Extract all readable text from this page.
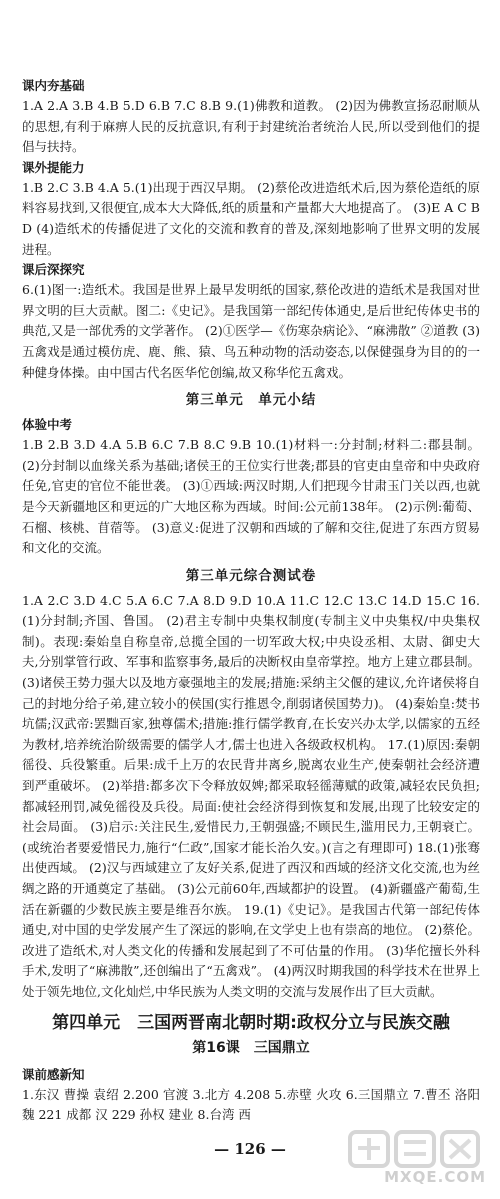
课内夯基础

1.A 2.A 3.B 4.B 5.D 6.B 7.C 8.B 9.(1)佛教和道教。 (2)因为佛教宣扬忍耐顺从的思想,有利于麻痹人民的反抗意识,有利于封建统治者统治人民,所以受到他们的提倡与扶持。

课外提能力

1.B 2.C 3.B 4.A 5.(1)出现于西汉早期。 (2)蔡伦改进造纸术后,因为蔡伦造纸的原料容易找到,又很便宜,成本大大降低,纸的质量和产量都大大地提高了。 (3)E A C B D (4)造纸术的传播促进了文化的交流和教育的普及,深刻地影响了世界文明的发展进程。

课后深探究

6.(1)图一:造纸术。我国是世界上最早发明纸的国家,蔡伦改进的造纸术是我国对世界文明的巨大贡献。图二:《史记》。是我国第一部纪传体通史,是后世纪传体史书的典范,又是一部优秀的文学著作。 (2)①医学—《伤寒杂病论》、“麻沸散” ②道教 (3)五禽戏是通过模仿虎、鹿、熊、猿、鸟五种动物的活动姿态,以保健强身为目的的一种健身体操。由中国古代名医华佗创编,故又称华佗五禽戏。

第三单元　单元小结

体验中考

1.B 2.B 3.D 4.A 5.B 6.C 7.B 8.C 9.B 10.(1)材料一:分封制;材料二:郡县制。 (2)分封制以血缘关系为基础;诸侯王的王位实行世袭;郡县的官吏由皇帝和中央政府任免,官吏的官位不能世袭。 (3)①西域:两汉时期,人们把现今甘肃玉门关以西,也就是今天新疆地区和更远的广大地区称为西域。时间:公元前138年。 (2)示例:葡萄、石榴、核桃、苜蓿等。 (3)意义:促进了汉朝和西域的了解和交往,促进了东西方贸易和文化的交流。

第三单元综合测试卷

1.A 2.C 3.D 4.C 5.A 6.C 7.A 8.D 9.D 10.A 11.C 12.C 13.C 14.D 15.C 16.(1)分封制;齐国、鲁国。 (2)君主专制中央集权制度(专制主义中央集权/中央集权制)。表现:秦始皇自称皇帝,总揽全国的一切军政大权;中央设丞相、太尉、御史大夫,分别掌管行政、军事和监察事务,最后的决断权由皇帝掌控。地方上建立郡县制。 (3)诸侯王势力强大以及地方豪强地主的发展;措施:采纳主父偃的建议,允许诸侯将自己的封地分给子弟,建立较小的侯国(实行推恩令,削弱诸侯国势力)。 (4)秦始皇:焚书坑儒;汉武帝:罢黜百家,独尊儒术;措施:推行儒学教育,在长安兴办太学,以儒家的五经为教材,培养统治阶级需要的儒学人才,儒士也进入各级政权机构。 17.(1)原因:秦朝徭役、兵役繁重。后果:成千上万的农民背井离乡,脱离农业生产,使秦朝社会经济遭到严重破坏。 (2)举措:都多次下令释放奴婢;都采取轻徭薄赋的政策,减轻农民负担;都减轻刑罚,减免徭役及兵役。局面:使社会经济得到恢复和发展,出现了比较安定的社会局面。 (3)启示:关注民生,爱惜民力,王朝强盛;不顾民生,滥用民力,王朝衰亡。(或统治者要爱惜民力,施行“仁政”,国家才能长治久安。)(言之有理即可) 18.(1)张骞出使西域。 (2)汉与西域建立了友好关系,促进了西汉和西域的经济文化交流,也为丝绸之路的开通奠定了基础。 (3)公元前60年,西域都护的设置。 (4)新疆盛产葡萄,生活在新疆的少数民族主要是维吾尔族。 19.(1)《史记》。是我国古代第一部纪传体通史,对中国的史学发展产生了深远的影响,在文学史上也有崇高的地位。 (2)蔡伦。改进了造纸术,对人类文化的传播和发展起到了不可估量的作用。 (3)华佗擅长外科手术,发明了“麻沸散”,还创编出了“五禽戏”。 (4)两汉时期我国的科学技术在世界上处于领先地位,文化灿烂,中华民族为人类文明的交流与发展作出了巨大贡献。

第四单元　三国两晋南北朝时期:政权分立与民族交融

第16课　三国鼎立

课前感新知

1.东汉 曹操 袁绍 2.200 官渡 3.北方 4.208 5.赤壁 火攻 6.三国鼎立 7.曹丕 洛阳 魏 221 成都 汉 229 孙权 建业 8.台湾 西

— 126 —
MXQE.COM
